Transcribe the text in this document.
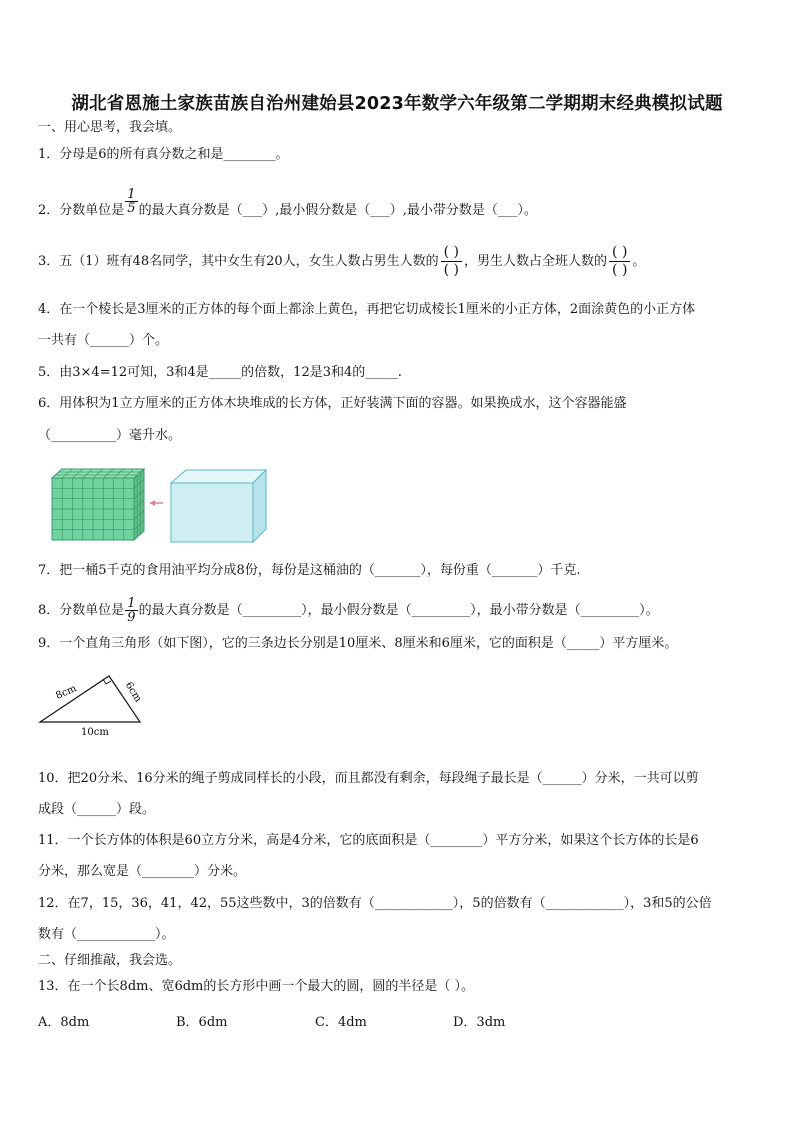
湖北省恩施土家族苗族自治州建始县2023年数学六年级第二学期期末经典模拟试题
一、用心思考，我会填。
1．分母是6的所有真分数之和是________。
2．分数单位是 $\frac{1}{5}$ 的最大真分数是（___）,最小假分数是（___）,最小带分数是（___）。
3．五（1）班有48名同学，其中女生有20人，女生人数占男生人数的 $\frac{( )}{( )}$ ，男生人数占全班人数的 $\frac{( )}{( )}$ 。
4．在一个棱长是3厘米的正方体的每个面上都涂上黄色，再把它切成棱长1厘米的小正方体，2面涂黄色的小正方体
一共有（______）个。
5．由3×4=12可知，3和4是_____的倍数，12是3和4的_____.
6．用体积为1立方厘米的正方体木块堆成的长方体，正好装满下面的容器。如果换成水，这个容器能盛
（__________）毫升水。
7．把一桶5千克的食用油平均分成8份，每份是这桶油的（_______），每份重（_______）千克.
8．分数单位是 $\frac{1}{9}$ 的最大真分数是（_________），最小假分数是（_________），最小带分数是（_________）。
9．一个直角三角形（如下图），它的三条边长分别是10厘米、8厘米和6厘米，它的面积是（_____）平方厘米。
8cm	6cm
10cm
10．把20分米、16分米的绳子剪成同样长的小段，而且都没有剩余，每段绳子最长是（______）分米，一共可以剪
成段（______）段。
11．一个长方体的体积是60立方分米，高是4分米，它的底面积是（________）平方分米，如果这个长方体的长是6
分米，那么宽是（________）分米。
12．在7，15，36，41，42，55这些数中，3的倍数有（____________），5的倍数有（____________），3和5的公倍
数有（____________）。
二、仔细推敲，我会选。
13．在一个长8dm、宽6dm的长方形中画一个最大的圆，圆的半径是（ ）。
A．8dm	B．6dm	C．4dm	D．3dm
